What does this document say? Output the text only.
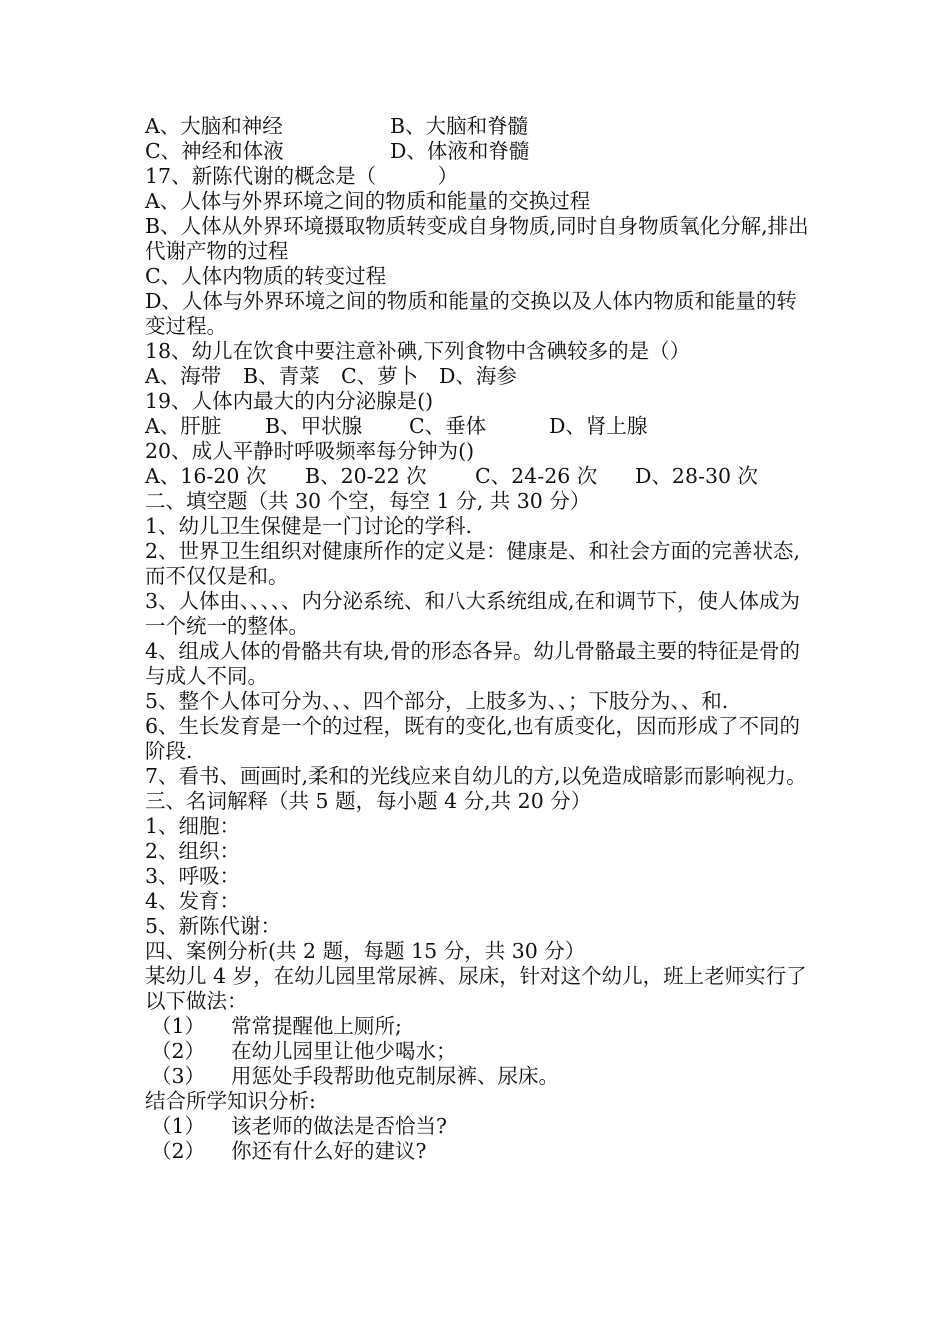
A、大脑和神经	B、大脑和脊髓
C、神经和体液	D、体液和脊髓
17、新陈代谢的概念是（　　　）
A、人体与外界环境之间的物质和能量的交换过程
B、人体从外界环境摄取物质转变成自身物质,同时自身物质氧化分解,排出代谢产物的过程
C、人体内物质的转变过程
D、人体与外界环境之间的物质和能量的交换以及人体内物质和能量的转变过程。
18、幼儿在饮食中要注意补碘,下列食物中含碘较多的是（）
A、海带	B、青菜	C、萝卜	D、海参
19、人体内最大的内分泌腺是()
A、肝脏	B、甲状腺	C、垂体	D、肾上腺
20、成人平静时呼吸频率每分钟为()
A、16-20 次	B、20-22 次	C、24-26 次	D、28-30 次
二、填空题（共 30 个空，每空 1 分, 共 30 分）
1、幼儿卫生保健是一门讨论的学科.
2、世界卫生组织对健康所作的定义是：健康是、和社会方面的完善状态,而不仅仅是和。
3、人体由、、、、、内分泌系统、和八大系统组成,在和调节下，使人体成为一个统一的整体。
4、组成人体的骨骼共有块,骨的形态各异。幼儿骨骼最主要的特征是骨的与成人不同。
5、整个人体可分为、、、四个部分，上肢多为、、；下肢分为、、和.
6、生长发育是一个的过程，既有的变化,也有质变化，因而形成了不同的阶段.
7、看书、画画时,柔和的光线应来自幼儿的方,以免造成暗影而影响视力。
三、名词解释（共 5 题，每小题 4 分,共 20 分）
1、细胞：
2、组织：
3、呼吸：
4、发育：
5、新陈代谢：
四、案例分析(共 2 题，每题 15 分，共 30 分）
某幼儿 4 岁，在幼儿园里常尿裤、尿床，针对这个幼儿，班上老师实行了以下做法：
（1）	常常提醒他上厕所;
（2）	在幼儿园里让他少喝水；
（3）	用惩处手段帮助他克制尿裤、尿床。
结合所学知识分析:
（1）	该老师的做法是否恰当?
（2）	你还有什么好的建议?
